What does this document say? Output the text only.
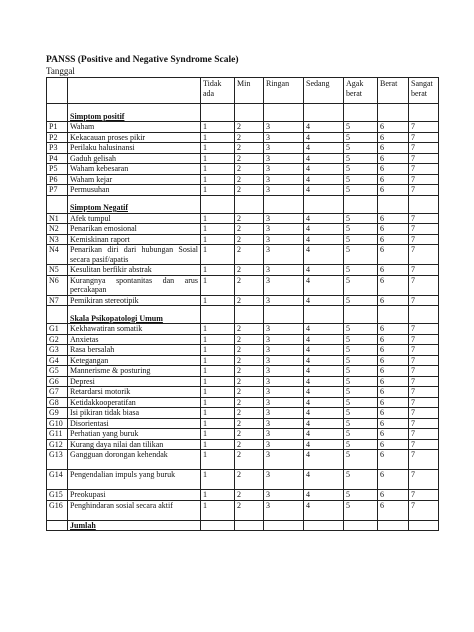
PANSS (Positive and Negative Syndrome Scale)
Tanggal
		Tidak ada	Min	Ringan	Sedang	Agak berat	Berat	Sangat berat
	Simptom positif							
P1	Waham	1	2	3	4	5	6	7
P2	Kekacauan proses pikir	1	2	3	4	5	6	7
P3	Perilaku halusinansi	1	2	3	4	5	6	7
P4	Gaduh gelisah	1	2	3	4	5	6	7
P5	Waham kebesaran	1	2	3	4	5	6	7
P6	Waham kejar	1	2	3	4	5	6	7
P7	Permusuhan	1	2	3	4	5	6	7
	Simptom Negatif							
N1	Afek tumpul	1	2	3	4	5	6	7
N2	Penarikan emosional	1	2	3	4	5	6	7
N3	Kemiskinan raport	1	2	3	4	5	6	7
N4	Penarikan diri dari hubungan Sosial secara pasif/apatis	1	2	3	4	5	6	7
N5	Kesulitan berfikir abstrak	1	2	3	4	5	6	7
N6	Kurangnya spontanitas dan arus percakapan	1	2	3	4	5	6	7
N7	Pemikiran stereotipik	1	2	3	4	5	6	7
	Skala Psikopatologi Umum							
G1	Kekhawatiran somatik	1	2	3	4	5	6	7
G2	Anxietas	1	2	3	4	5	6	7
G3	Rasa bersalah	1	2	3	4	5	6	7
G4	Ketegangan	1	2	3	4	5	6	7
G5	Mannerisme & posturing	1	2	3	4	5	6	7
G6	Depresi	1	2	3	4	5	6	7
G7	Retardarsi motorik	1	2	3	4	5	6	7
G8	Ketidakkooperatifan	1	2	3	4	5	6	7
G9	Isi pikiran tidak biasa	1	2	3	4	5	6	7
G10	Disorientasi	1	2	3	4	5	6	7
G11	Perhatian yang buruk	1	2	3	4	5	6	7
G12	Kurang daya nilai dan tilikan	1	2	3	4	5	6	7
G13	Gangguan dorongan kehendak	1	2	3	4	5	6	7
G14	Pengendalian impuls yang buruk	1	2	3	4	5	6	7
G15	Preokupasi	1	2	3	4	5	6	7
G16	Penghindaran sosial secara aktif	1	2	3	4	5	6	7
	Jumlah							
